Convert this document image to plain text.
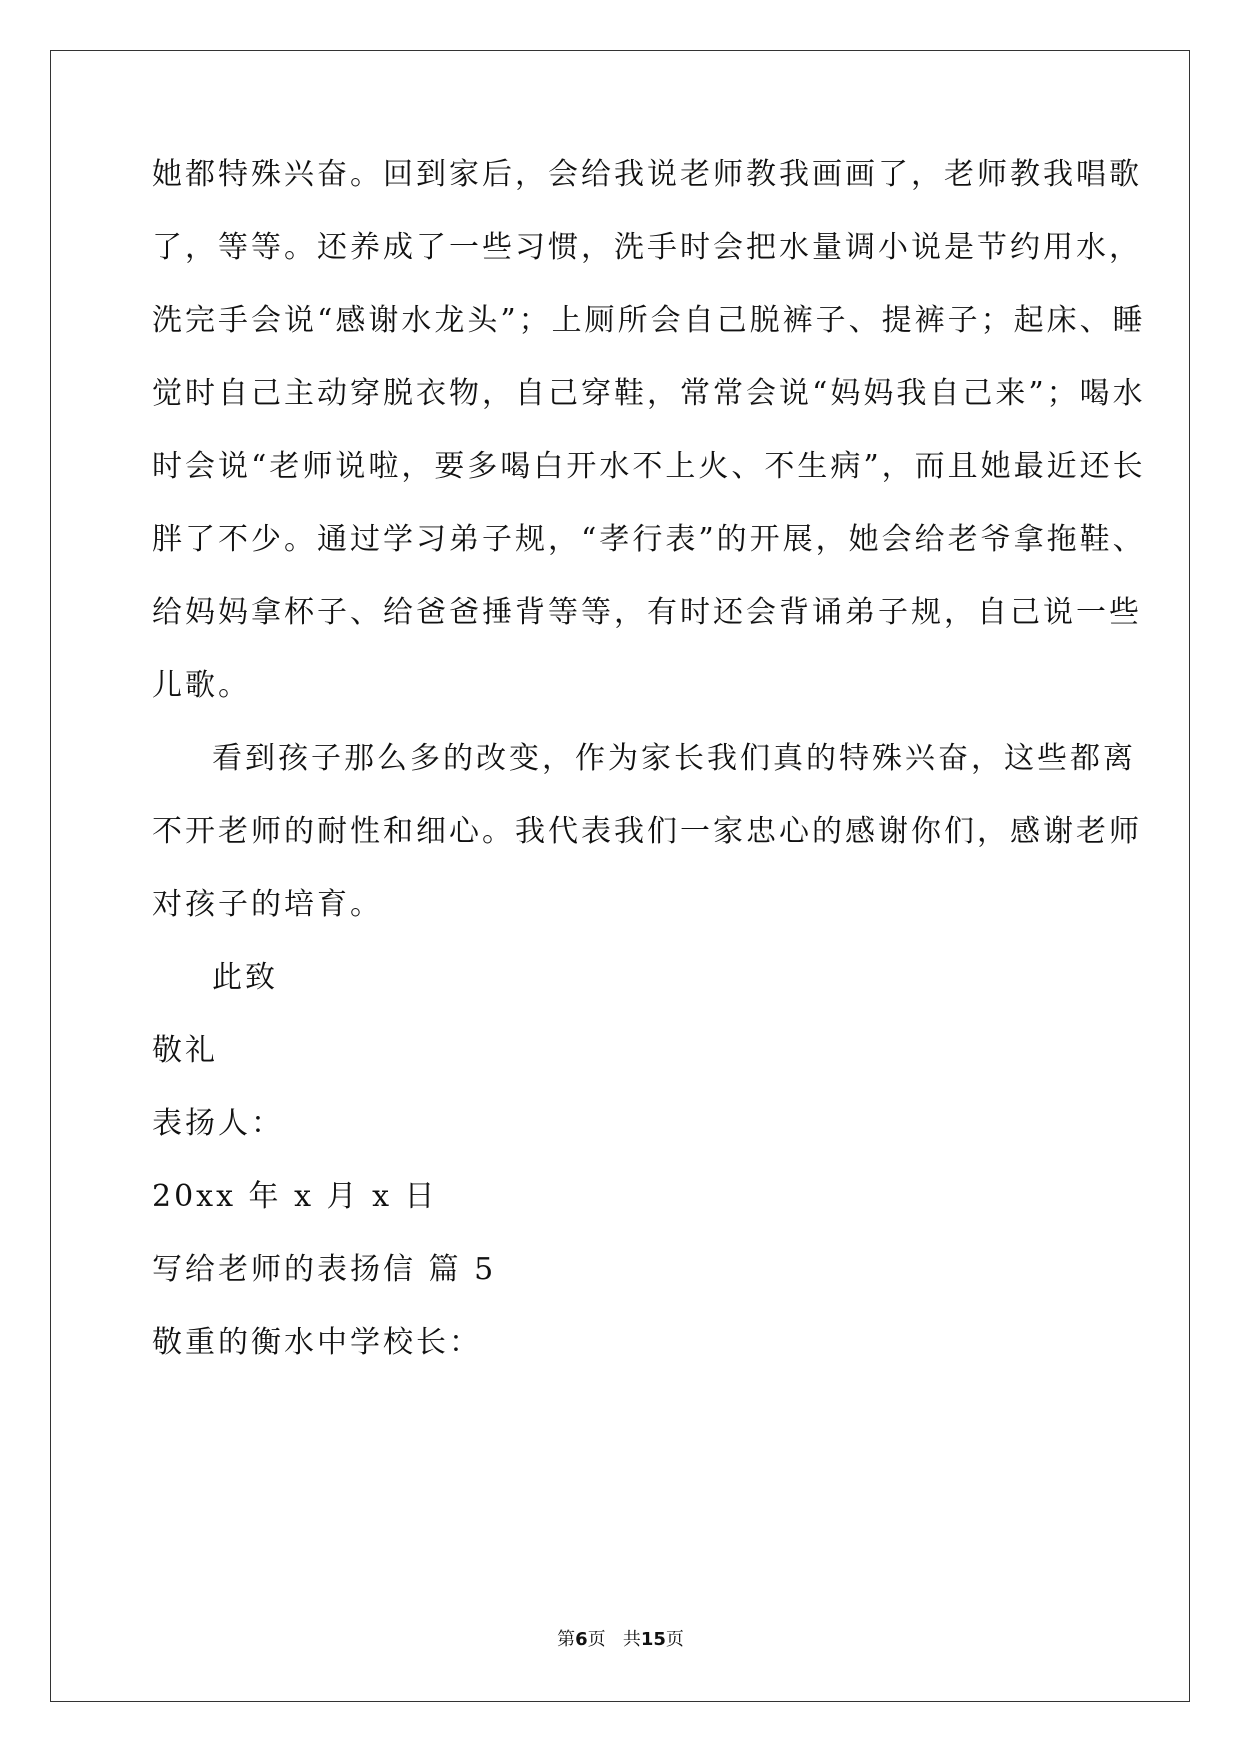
她都特殊兴奋。回到家后，会给我说老师教我画画了，老师教我唱歌
了，等等。还养成了一些习惯，洗手时会把水量调小说是节约用水，
洗完手会说“感谢水龙头”；上厕所会自己脱裤子、提裤子；起床、睡
觉时自己主动穿脱衣物，自己穿鞋，常常会说“妈妈我自己来”；喝水
时会说“老师说啦，要多喝白开水不上火、不生病”，而且她最近还长
胖了不少。通过学习弟子规，“孝行表”的开展，她会给老爷拿拖鞋、
给妈妈拿杯子、给爸爸捶背等等，有时还会背诵弟子规，自己说一些
儿歌。
看到孩子那么多的改变，作为家长我们真的特殊兴奋，这些都离
不开老师的耐性和细心。我代表我们一家忠心的感谢你们，感谢老师
对孩子的培育。
此致
敬礼
表扬人：
20xx 年 x 月 x 日
写给老师的表扬信 篇 5
敬重的衡水中学校长：
第6页 共15页
